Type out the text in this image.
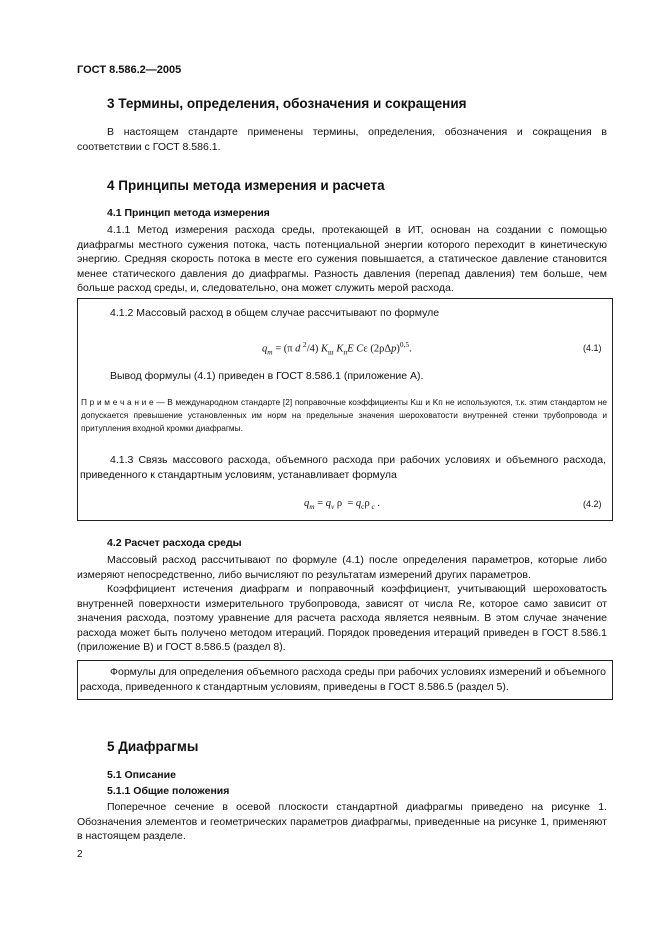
ГОСТ 8.586.2—2005
3 Термины, определения, обозначения и сокращения

В настоящем стандарте применены термины, определения, обозначения и сокращения в соответствии с ГОСТ 8.586.1.

4 Принципы метода измерения и расчета
4.1 Принцип метода измерения

4.1.1 Метод измерения расхода среды, протекающей в ИТ, основан на создании с помощью диафрагмы местного сужения потока, часть потенциальной энергии которого переходит в кинетическую энергию. Средняя скорость потока в месте его сужения повышается, а статическое давление становится менее статического давления до диафрагмы. Разность давления (перепад давления) тем больше, чем больше расход среды, и, следовательно, она может служить мерой расхода.

4.1.2 Массовый расход в общем случае рассчитывают по формуле

$q_m = (\pi$ d $^2$/4) $K_ш$ $K_пE$ Cε $(2\rho\Delta p)^{0,5}$.	(4.1)

Вывод формулы (4.1) приведен в ГОСТ 8.586.1 (приложение А).

П р и м е ч а н и е — В международном стандарте [2] поправочные коэффициенты Kш и Kп не используются, т.к. этим стандартом не допускается превышение установленных им норм на предельные значения шероховатости внутренней стенки трубопровода и притупления входной кромки диафрагмы.

4.1.3 Связь массового расхода, объемного расхода при рабочих условиях и объемного расхода, приведенного к стандартным условиям, устанавливает формула

$q_m = q_v$ $\rho = q_c\rho$ $_c$ .	(4.2)
4.2 Расчет расхода среды

Массовый расход рассчитывают по формуле (4.1) после определения параметров, которые либо измеряют непосредственно, либо вычисляют по результатам измерений других параметров.

Коэффициент истечения диафрагм и поправочный коэффициент, учитывающий шероховатость внутренней поверхности измерительного трубопровода, зависят от числа Re, которое само зависит от значения расхода, поэтому уравнение для расчета расхода является неявным. В этом случае значение расхода может быть получено методом итераций. Порядок проведения итераций приведен в ГОСТ 8.586.1 (приложение В) и ГОСТ 8.586.5 (раздел 8).

Формулы для определения объемного расхода среды при рабочих условиях измерений и объемного расхода, приведенного к стандартным условиям, приведены в ГОСТ 8.586.5 (раздел 5).

5 Диафрагмы
5.1 Описание
5.1.1 Общие положения

Поперечное сечение в осевой плоскости стандартной диафрагмы приведено на рисунке 1. Обозначения элементов и геометрических параметров диафрагмы, приведенные на рисунке 1, применяют в настоящем разделе.

2
